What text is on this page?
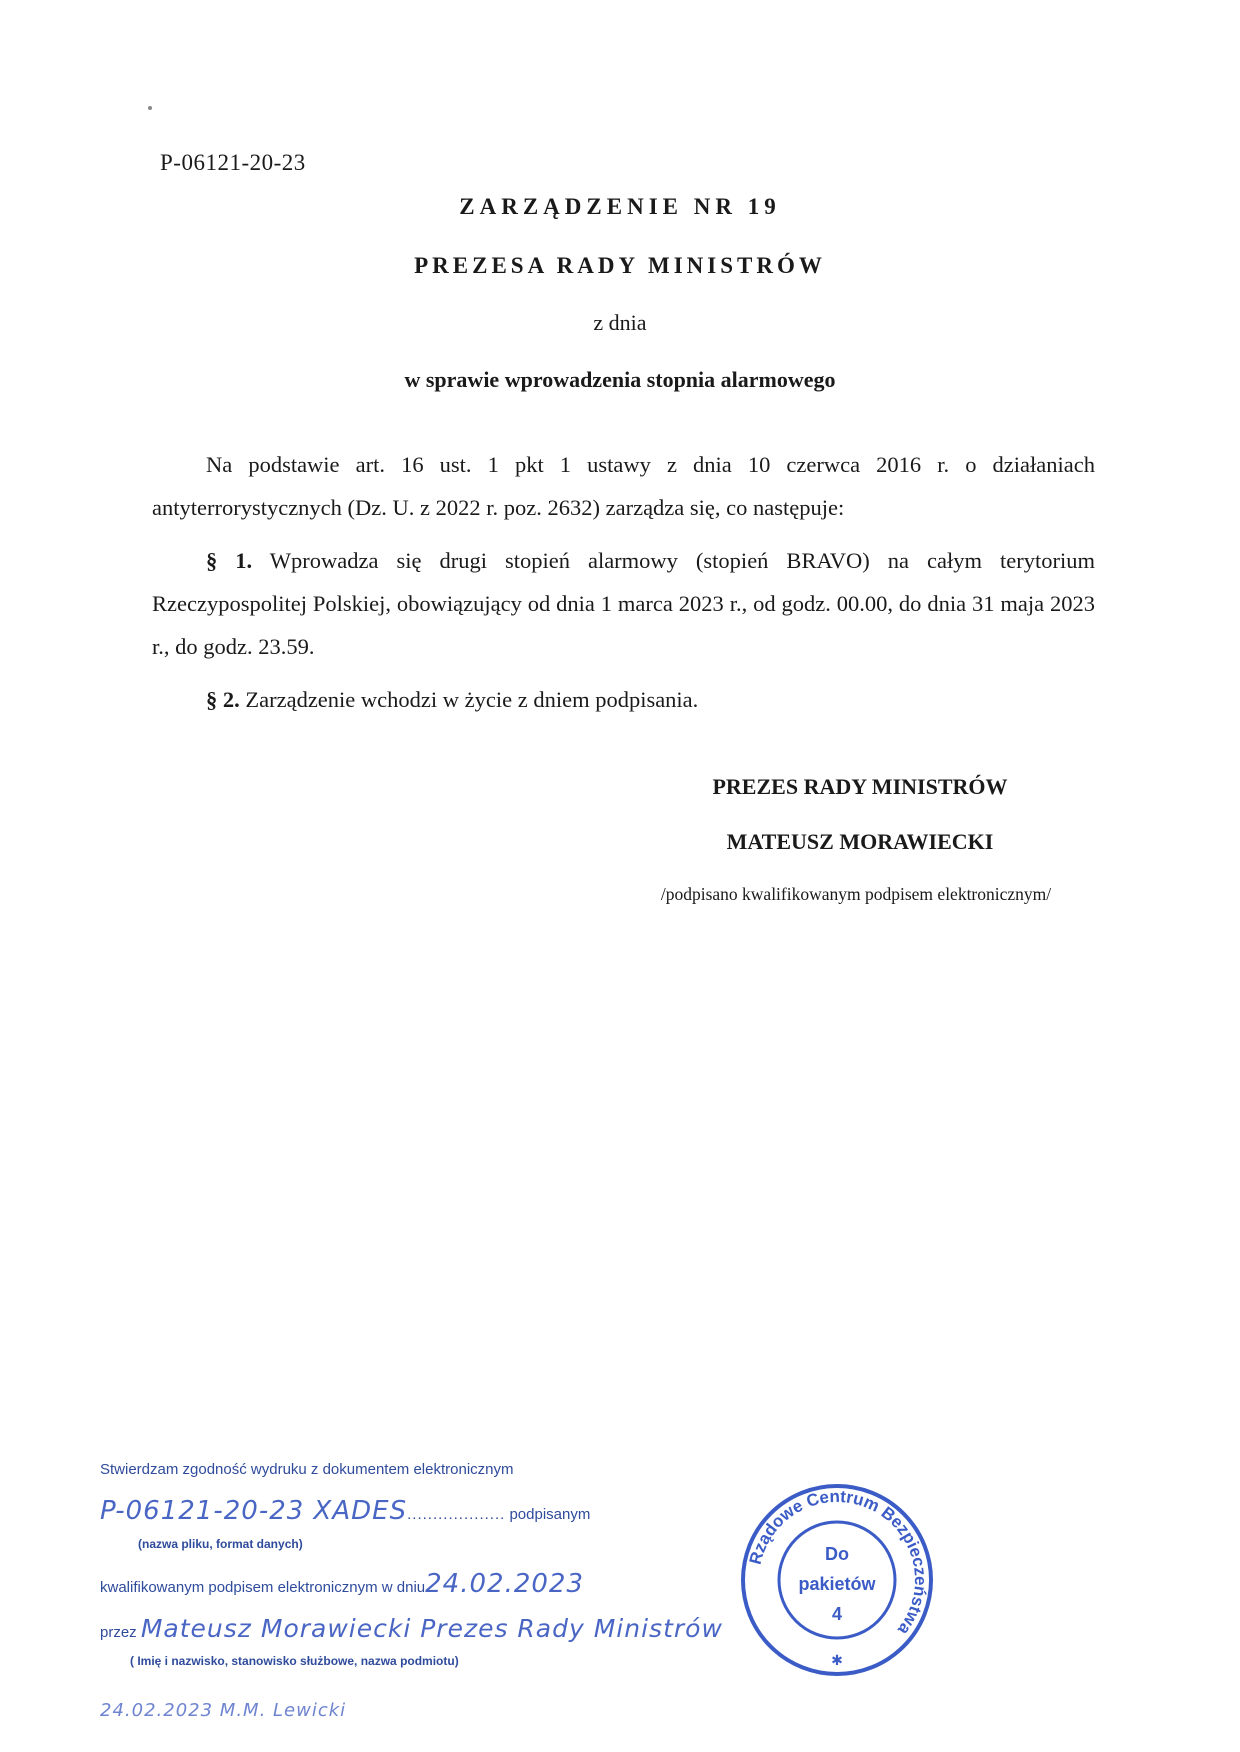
P-06121-20-23
ZARZĄDZENIE NR 19
PREZESA RADY MINISTRÓW
z dnia
w sprawie wprowadzenia stopnia alarmowego

Na podstawie art. 16 ust. 1 pkt 1 ustawy z dnia 10 czerwca 2016 r. o działaniach antyterrorystycznych (Dz. U. z 2022 r. poz. 2632) zarządza się, co następuje:

§ 1. Wprowadza się drugi stopień alarmowy (stopień BRAVO) na całym terytorium Rzeczypospolitej Polskiej, obowiązujący od dnia 1 marca 2023 r., od godz. 00.00, do dnia 31 maja 2023 r., do godz. 23.59.

§ 2. Zarządzenie wchodzi w życie z dniem podpisania.

PREZES RADY MINISTRÓW
MATEUSZ MORAWIECKI
/podpisano kwalifikowanym podpisem elektronicznym/
Stwierdzam zgodność wydruku z dokumentem elektronicznym
P-06121-20-23 XADES................... podpisanym
(nazwa pliku, format danych)
kwalifikowanym podpisem elektronicznym w dniu24.02.2023
przez Mateusz Morawiecki Prezes Rady Ministrów
( Imię i nazwisko, stanowisko służbowe, nazwa podmiotu)
24.02.2023 M.M. Lewicki
Rządowe Centrum Bezpieczeństwa
Do
pakietów
4
✱
